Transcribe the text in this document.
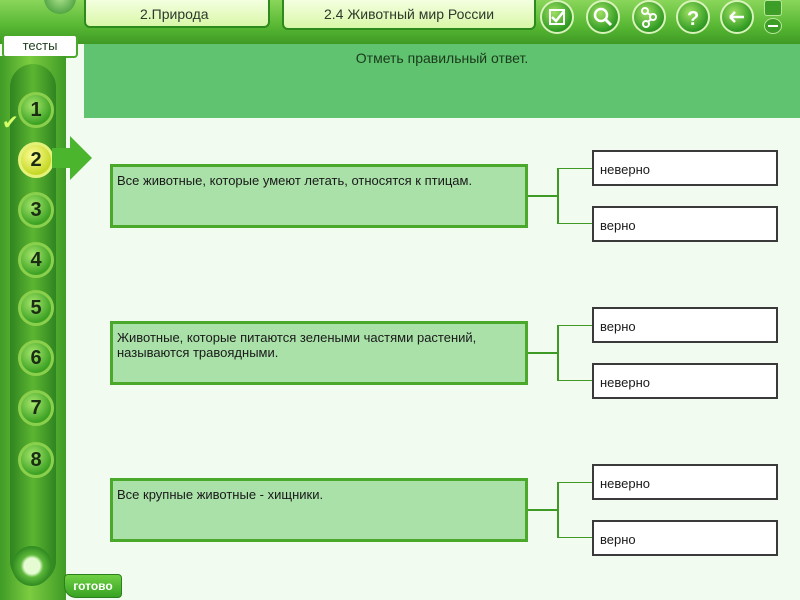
2.Природа	2.4 Животный мир России	?
тесты
✔
1
2
3
4
5
6
7
8
готово
Отметь правильный ответ.
Все животные, которые умеют летать, относятся к птицам.
неверно
верно
Животные, которые питаются зелеными частями растений, называются травоядными.
верно
неверно
Все крупные животные - хищники.
неверно
верно
